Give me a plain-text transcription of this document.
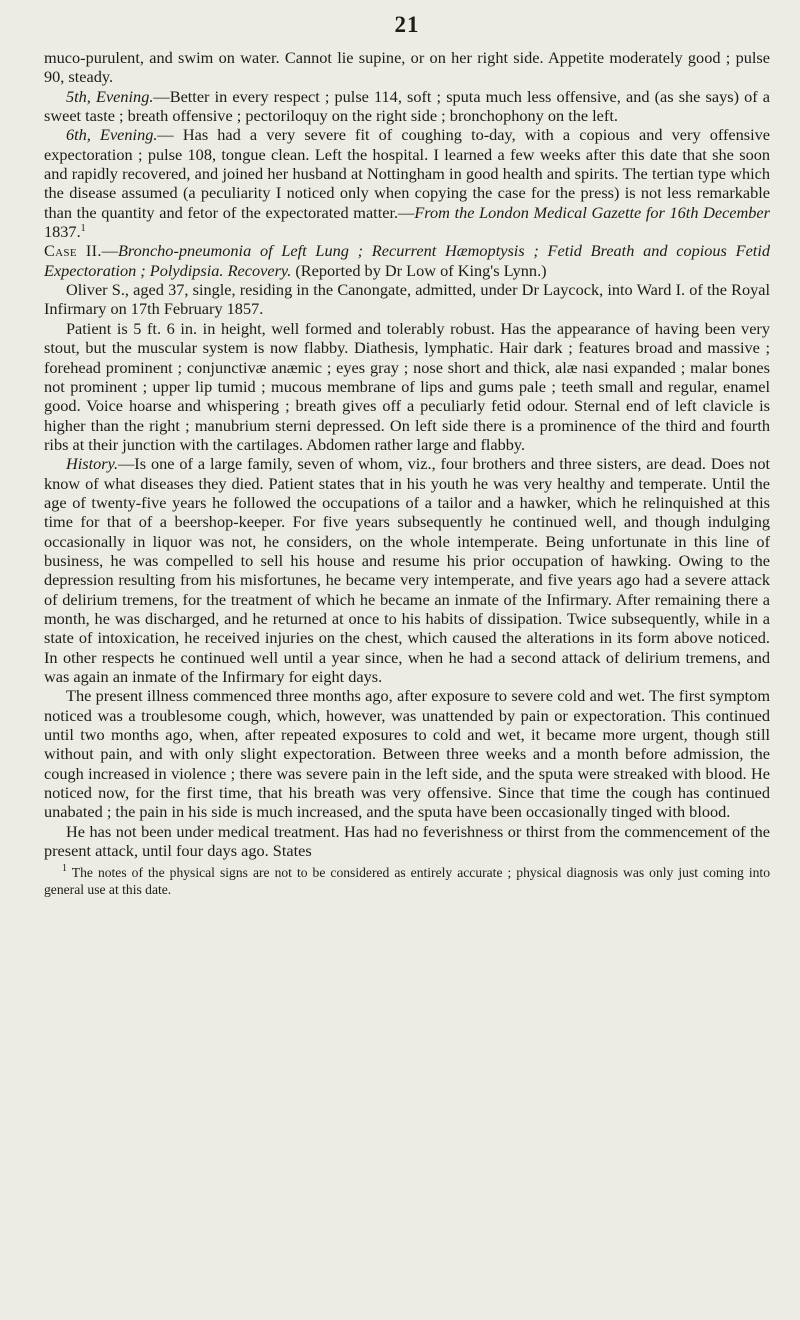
21

muco-purulent, and swim on water. Cannot lie supine, or on her right side. Appetite moderately good ; pulse 90, steady.

5th, Evening.—Better in every respect ; pulse 114, soft ; sputa much less offensive, and (as she says) of a sweet taste ; breath offensive ; pectoriloquy on the right side ; bronchophony on the left.

6th, Evening.— Has had a very severe fit of coughing to-day, with a copious and very offensive expectoration ; pulse 108, tongue clean. Left the hospital. I learned a few weeks after this date that she soon and rapidly recovered, and joined her husband at Nottingham in good health and spirits. The tertian type which the disease assumed (a peculiarity I noticed only when copying the case for the press) is not less remarkable than the quantity and fetor of the expectorated matter.—From the London Medical Gazette for 16th December 1837.$^1$

Case II.—Broncho-pneumonia of Left Lung ; Recurrent Hæmoptysis ; Fetid Breath and copious Fetid Expectoration ; Polydipsia. Recovery. (Reported by Dr Low of King's Lynn.)

Oliver S., aged 37, single, residing in the Canongate, admitted, under Dr Laycock, into Ward I. of the Royal Infirmary on 17th February 1857.

Patient is 5 ft. 6 in. in height, well formed and tolerably robust. Has the appearance of having been very stout, but the muscular system is now flabby. Diathesis, lymphatic. Hair dark ; features broad and massive ; forehead prominent ; conjunctivæ anæmic ; eyes gray ; nose short and thick, alæ nasi expanded ; malar bones not prominent ; upper lip tumid ; mucous membrane of lips and gums pale ; teeth small and regular, enamel good. Voice hoarse and whispering ; breath gives off a peculiarly fetid odour. Sternal end of left clavicle is higher than the right ; manubrium sterni depressed. On left side there is a prominence of the third and fourth ribs at their junction with the cartilages. Abdomen rather large and flabby.

History.—Is one of a large family, seven of whom, viz., four brothers and three sisters, are dead. Does not know of what diseases they died. Patient states that in his youth he was very healthy and temperate. Until the age of twenty-five years he followed the occupations of a tailor and a hawker, which he relinquished at this time for that of a beershop-keeper. For five years subsequently he continued well, and though indulging occasionally in liquor was not, he considers, on the whole intemperate. Being unfortunate in this line of business, he was compelled to sell his house and resume his prior occupation of hawking. Owing to the depression resulting from his misfortunes, he became very intemperate, and five years ago had a severe attack of delirium tremens, for the treatment of which he became an inmate of the Infirmary. After remaining there a month, he was discharged, and he returned at once to his habits of dissipation. Twice subsequently, while in a state of intoxication, he received injuries on the chest, which caused the alterations in its form above noticed. In other respects he continued well until a year since, when he had a second attack of delirium tremens, and was again an inmate of the Infirmary for eight days.

The present illness commenced three months ago, after exposure to severe cold and wet. The first symptom noticed was a troublesome cough, which, however, was unattended by pain or expectoration. This continued until two months ago, when, after repeated exposures to cold and wet, it became more urgent, though still without pain, and with only slight expectoration. Between three weeks and a month before admission, the cough increased in violence ; there was severe pain in the left side, and the sputa were streaked with blood. He noticed now, for the first time, that his breath was very offensive. Since that time the cough has continued unabated ; the pain in his side is much increased, and the sputa have been occasionally tinged with blood.

He has not been under medical treatment. Has had no feverishness or thirst from the commencement of the present attack, until four days ago. States

$^1$ The notes of the physical signs are not to be considered as entirely accurate ; physical diagnosis was only just coming into general use at this date.
